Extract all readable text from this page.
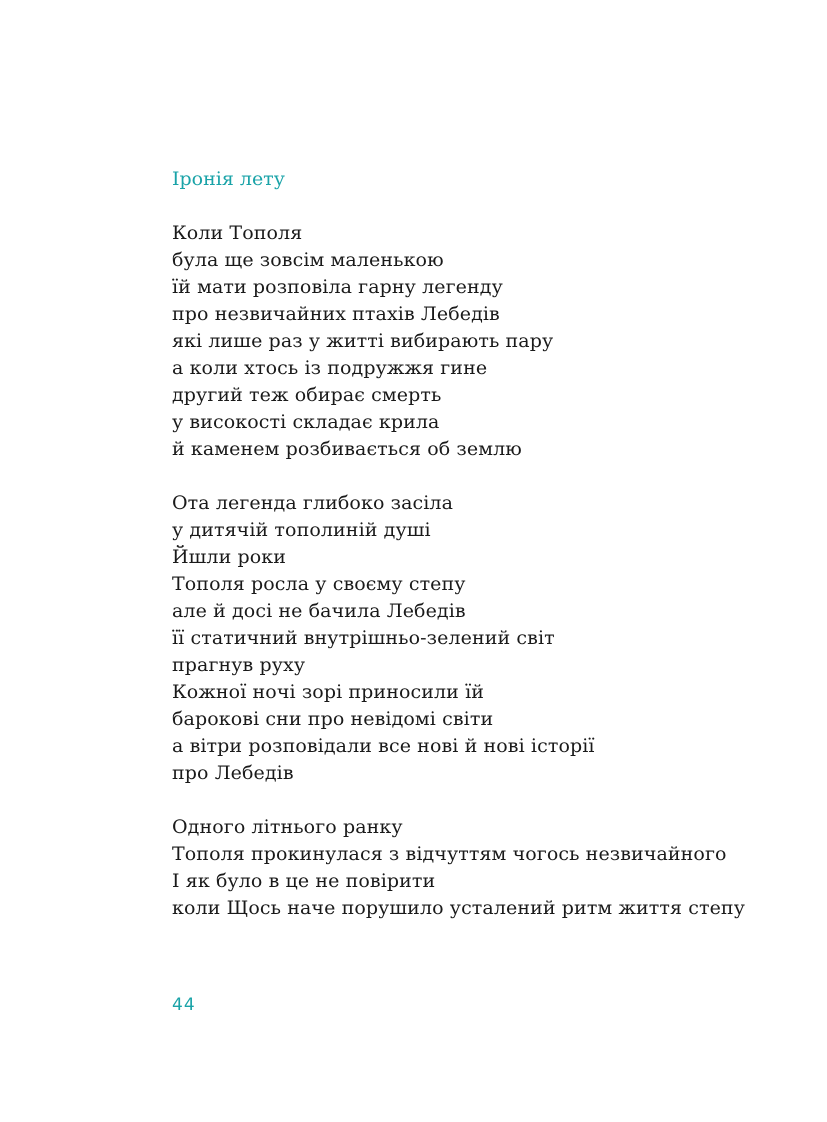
Іронія лету
Коли Тополя
була ще зовсім маленькою
їй мати розповіла гарну легенду
про незвичайних птахів Лебедів
які лише раз у житті вибирають пару
а коли хтось із подружжя гине
другий теж обирає смерть
у високості складає крила
й каменем розбивається об землю
Ота легенда глибоко засіла
у дитячій тополиній душі
Йшли роки
Тополя росла у своєму степу
але й досі не бачила Лебедів
її статичний внутрішньо-зелений світ
прагнув руху
Кожної ночі зорі приносили їй
барокові сни про невідомі світи
а вітри розповідали все нові й нові історії
про Лебедів
Одного літнього ранку
Тополя прокинулася з відчуттям чогось незвичайного
І як було в це не повірити
коли Щось наче порушило усталений ритм життя степу
44
